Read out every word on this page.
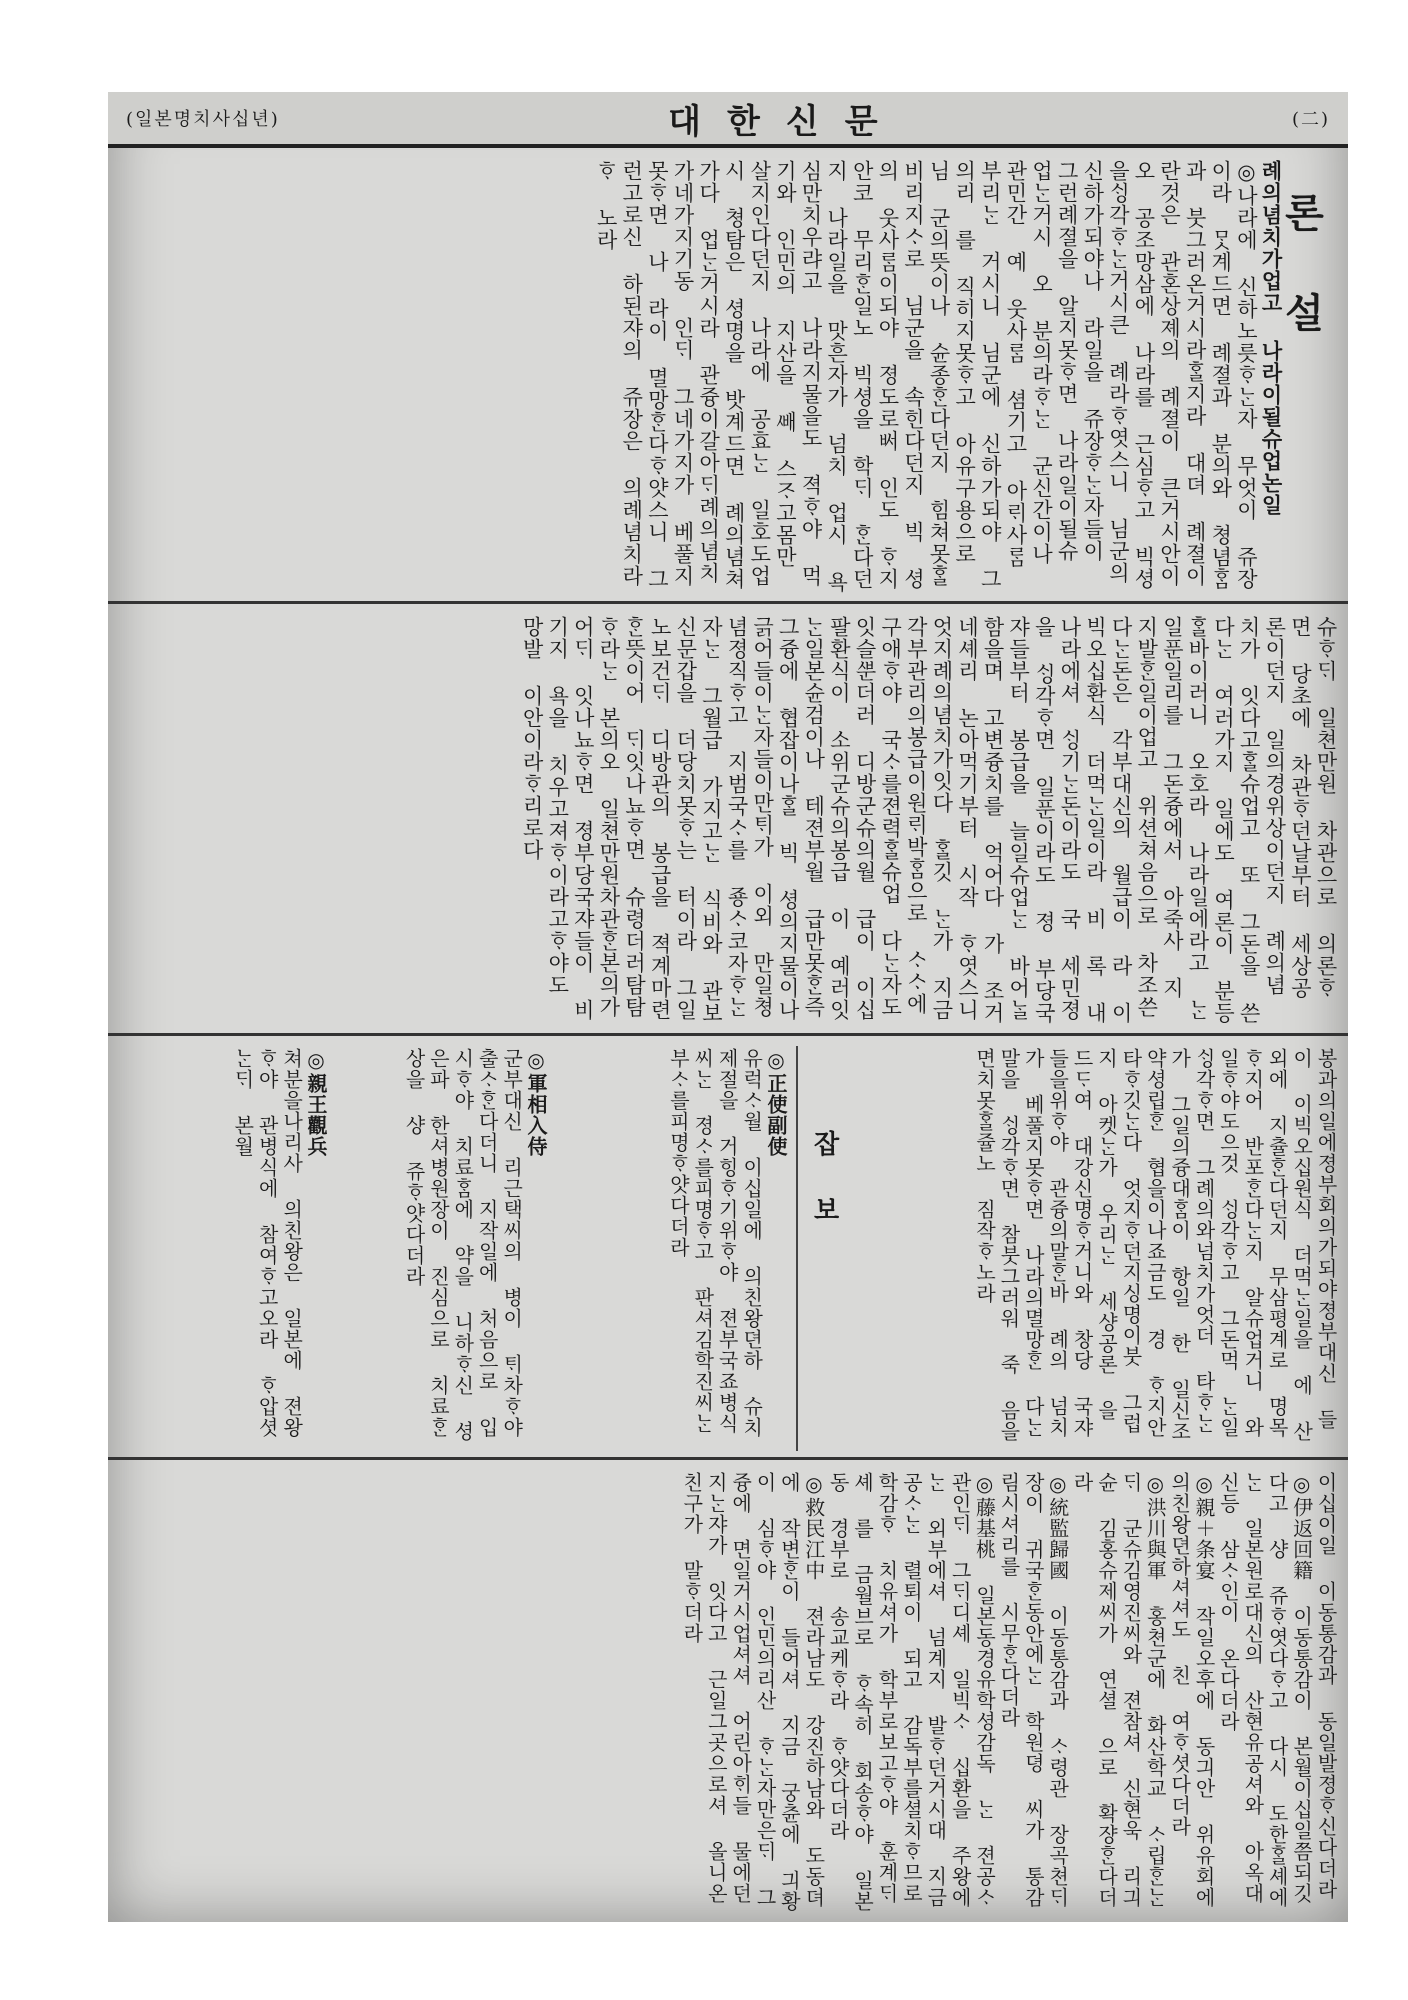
(일본명치사십년)	대한신문	(二)
론설

례의념치가업고 나라이될슈업논일

◎나라에 신하노릇ᄒᆞᄂᆞᆫ자 무엇이 쥬장이라 ᄆᆞᆺ계드면 례졀과 분의와 쳥념ᄒᆞᆷ과 붓그러온거시라ᄒᆞᆯ지라 대뎌 례졀이란것은 관혼상졔의 례졀이 큰거시안이오 공조망삼에 나라를 근심ᄒᆞ고 빅셩을ᄉᆡᆼ각ᄒᆞᄂᆞᆫ거시큰 례라ᄒᆞ엿스니 님군의 신하가되야나 라일을 쥬장ᄒᆞᄂᆞᆫ자들이 그런례졀을 알지못ᄒᆞ면 나라일이될슈 업ᄂᆞᆫ거시 오 분의라ᄒᆞᄂᆞᆫ 군신간이나 관민간 예 웃사ᄅᆞᆷ 셤기고 아ᄅᆡ사ᄅᆞᆷ 부리ᄂᆞᆫ 거시니 님군에 신하가되야 그의리 를 직히지못ᄒᆞ고 아유구용으로 님 군의뜻이나 슌종ᄒᆞᆫ다던지 힘쳐못ᄒᆞᆯ 비리지ᄉᆞ로 님군을 속힌다던지 빅 셩의 웃사ᄅᆞᆷ이되야 졍도로ᄡᅥ 인도 ᄒᆞ지안코 무리ᄒᆞᆫ일노 빅셩을 학ᄃᆡ ᄒᆞᆫ다던지 나라일을 맛흔자가 넘치 업시 욕심만치우랴고 나라지물을도 젹ᄒᆞ야 먹기와 인민의 지산을 ᄲᅢ 스ᄌᆞ고몸만 살지인다던지 나라에 공효ᄂᆞᆫ 일호도업시 쳥탐은 셩명을 밧계드면 례의념쳐가다 업ᄂᆞᆫ거시라 관즁이갈아ᄃᆡ례의념치가네가지기동 인ᄃᆡ 그네가지가 베풀지못ᄒᆞ면 나 라이 멸망ᄒᆞᆫ다ᄒᆞ얏스니 그런고로신 하된쟈의 쥬장은 의례념치라 ᄒᆞ 노라

슈ᄒᆞᄃᆡ 일쳔만원 차관으로 의론ᄒᆞ 면 당초에 차관ᄒᆞ던날부터 세상공 론이던지 일의경위상이던지 례의념 치가 잇다고ᄒᆞᆯ슈업고 또 그돈을 쓴 다ᄂᆞᆫ 여러가지 일에도 여론이 분등 ᄒᆞᆯ바이러니 오호라 나라일에라고 ᄂᆞᆫ 일푼일리를 그돈즁에서 아죽사 지 지발ᄒᆞᆫ일이업고 위션쳐음으로 차조쓴다ᄂᆞᆫ돈은 각부대신의 월급이 라 이빅오십환식 더먹ᄂᆞᆫ일이라 비 록 내나라에셔 ᄉᆡᆼ기ᄂᆞᆫ돈이라도 국 세민졍을 ᄉᆡᆼ각ᄒᆞ면 일푼이라도 졍 부당국쟈들부터 봉급을 늘일슈업ᄂᆞᆫ 바어ᄂᆞᆯ 함을며 고변즁치를 억어다 가 조거네셰리 논아먹기부터 시작 ᄒᆞ엿스니 엇지례의념치가잇다 ᄒᆞᆯ깃 ᄂᆞᆫ가 지금각부관리의봉급이원ᄅᆡ박ᄒᆞᆷ으로 ᄉᆞᄉᆞ에 구애ᄒᆞ야 국ᄉᆞ를젼력ᄒᆞᆯ슈업 다ᄂᆞᆫ자도 잇슬ᄲᅮᆫ더러 디방군슈의월 급이 이십팔환식이 소위군슈의봉급 이 예러잇ᄂᆞᆫ일본슌검이나 테젼부월 급만못ᄒᆞᆫ즉그즁에 협잡이나ᄒᆞᆯ 빅 셩의지물이나긁어들이ᄂᆞᆫ자들이만ᄐᆡ가 이외 만일쳥념졍직ᄒᆞ고 지범국ᄉᆞ를 죵ᄉᆞ코자ᄒᆞᄂᆞᆫ자ᄂᆞᆫ 그월급 가지고ᄂᆞᆫ 식비와 관보신문갑을 더당치못ᄒᆞ는 터이라 그일노보건ᄃᆡ 디방관의 봉급을 젹계마련ᄒᆞᆫ뜻이어 ᄃᆡ잇나뇨ᄒᆞ면 슈령더러탐탐ᄒᆞ라ᄂᆞᆫ 본의오 일쳔만원차관ᄒᆞᆫ본의가 어ᄃᆡ 잇나뇨ᄒᆞ면 졍부당국쟈들이 비기지 욕을 치우고져ᄒᆞ이라고ᄒᆞ야도 망발 이안이라ᄒᆞ리로다
봉과의일에졍부회의가되야졍부대신 들이 이빅오십원식 더먹ᄂᆞᆫ일을 에 산외에 지츌ᄒᆞᆫ다던지 무삼평계로 명목ᄒᆞ지어 반포ᄒᆞᆫ다ᄂᆞᆫ지 알슈업거니 와 일ᄒᆞ야도으것 ᄉᆡᆼ각ᄒᆞ고 그돈먹 ᄂᆞᆫ일 ᄉᆡᆼ각ᄒᆞ면 그례의와넘치가엇더 타ᄒᆞᄂᆞᆫ가 그일의즁대ᄒᆞᆷ이 항일 한 일신조약셩립ᄒᆞᆫ 협을이나죠금도 경 ᄒᆞ지안타ᄒᆞ깃ᄂᆞᆫ다 엇지ᄒᆞ던지싱명이붓 그럽지 아켓ᄂᆞᆫ가 우리ᄂᆞᆫ 세샹공론 을 드ᄃᆞ여 대강신명ᄒᆞ거니와 창당 국쟈들을위ᄒᆞ야 관즁의말ᄒᆞᆫ바 례의 넘치가 베풀지못ᄒᆞ면 나라의멸망ᄒᆞᆫ 다ᄂᆞᆫ말을 ᄉᆡᆼ각ᄒᆞ면 참붓그러워 죽 음을 면치못ᄒᆞᆯ쥴노 짐작ᄒᆞ노라
잡보

◎正使副使

유럭ᄉᆞ월 이십일에 의친왕뎐하 슈치제절을 거힝ᄒᆞ기위ᄒᆞ야 젼부국죠병식씨ᄂᆞᆫ 졍ᄉᆞ를피명ᄒᆞ고 판셔김학진씨ᄂᆞᆫ 부ᄉᆞ를피명ᄒᆞ얏다더라

◎軍相入侍

군부대신 리근택씨의 병이 ᄐᆡ차ᄒᆞ야 출ᄉᆞᄒᆞᆫ다더니 지작일에 처음으로 입시ᄒᆞ야 치료ᄒᆞᆷ에 약을 니하ᄒᆞ신 셩은파 한셔병원장이 진심으로 치료ᄒᆞᆫ상을 샹 쥬ᄒᆞ얏다더라

◎親王觀兵

쳐분을나리사 의친왕은 일본에 젼왕ᄒᆞ야 관병식에 참여ᄒᆞ고오라 ᄒᆞ압셧ᄂᆞᆫᄃᆡ 본월

이십이일 이동통감과 동일발졍ᄒᆞ신다더라

◎伊返回籍 이동통감이 본월이십일쯤되깃다고 샹 쥬ᄒᆞ엿다ᄒᆞ고 다시 도한ᄒᆞᆯ셰에ᄂᆞᆫ 일본원로대신의 산현유공셔와 아옥대신등 삼ᄉᆞ인이 온다더라

◎親＋条宴 작일오후에 동긔안 위유회에 의친왕뎐하셔셔도 친 여ᄒᆞ셧다더라

◎洪川與軍 홍쳔군에 화산학교 ᄉᆞ립ᄒᆞᆫᄂᆞᆫᄃᆡ 군슈김영진씨와 젼참셔 신현욱 리긔슌 김홍슈제씨가 연셜 으로 확쟝ᄒᆞᆫ다더라

◎統監歸國 이동통감과 ᄉᆞ령관 장곡쳔ᄃᆡ장이 귀국ᄒᆞᆫ동안에ᄂᆞᆫ 학원뎡 씨가 통감림시셔리를 시무ᄒᆞᆫ다더라

◎藤基桃 일본동경유학셩감독 ᄂᆞᆫ 젼공ᄉᆞ관인ᄃᆡ 그ᄃᆡ디셰 일빅ᄉᆞ 십환을 주왕에ᄂᆞᆫ 외부에셔 넘계지 발ᄒᆞ던거시대 지금 공ᄉᆞᄂᆞᆫ 렬퇴이 되고 감독부를셜치ᄒᆞ므로 학감ᄒᆞ 치유셔가 학부로보고ᄒᆞ야 훈계ᄃᆡ셰 를 금월브로 ᄒᆞ속히 회송ᄒᆞ야 일본동 경부로 송교케ᄒᆞ라 ᄒᆞ얏다더라

◎救民江中 젼라남도 강진하남와 도동뎌에 작변ᄒᆞᆫ이 들어셔 지금 궁츈에 긔황이 심ᄒᆞ야 인민의리산 ᄒᆞᄂᆞᆫ자만은ᄃᆡ 그즁에 면일거시업셔셔 어린아ᄒᆡ들 물에던지ᄂᆞᆫ쟈가 잇다고 근일그곳으로셔 올니온친구가 말ᄒᆞ더라
